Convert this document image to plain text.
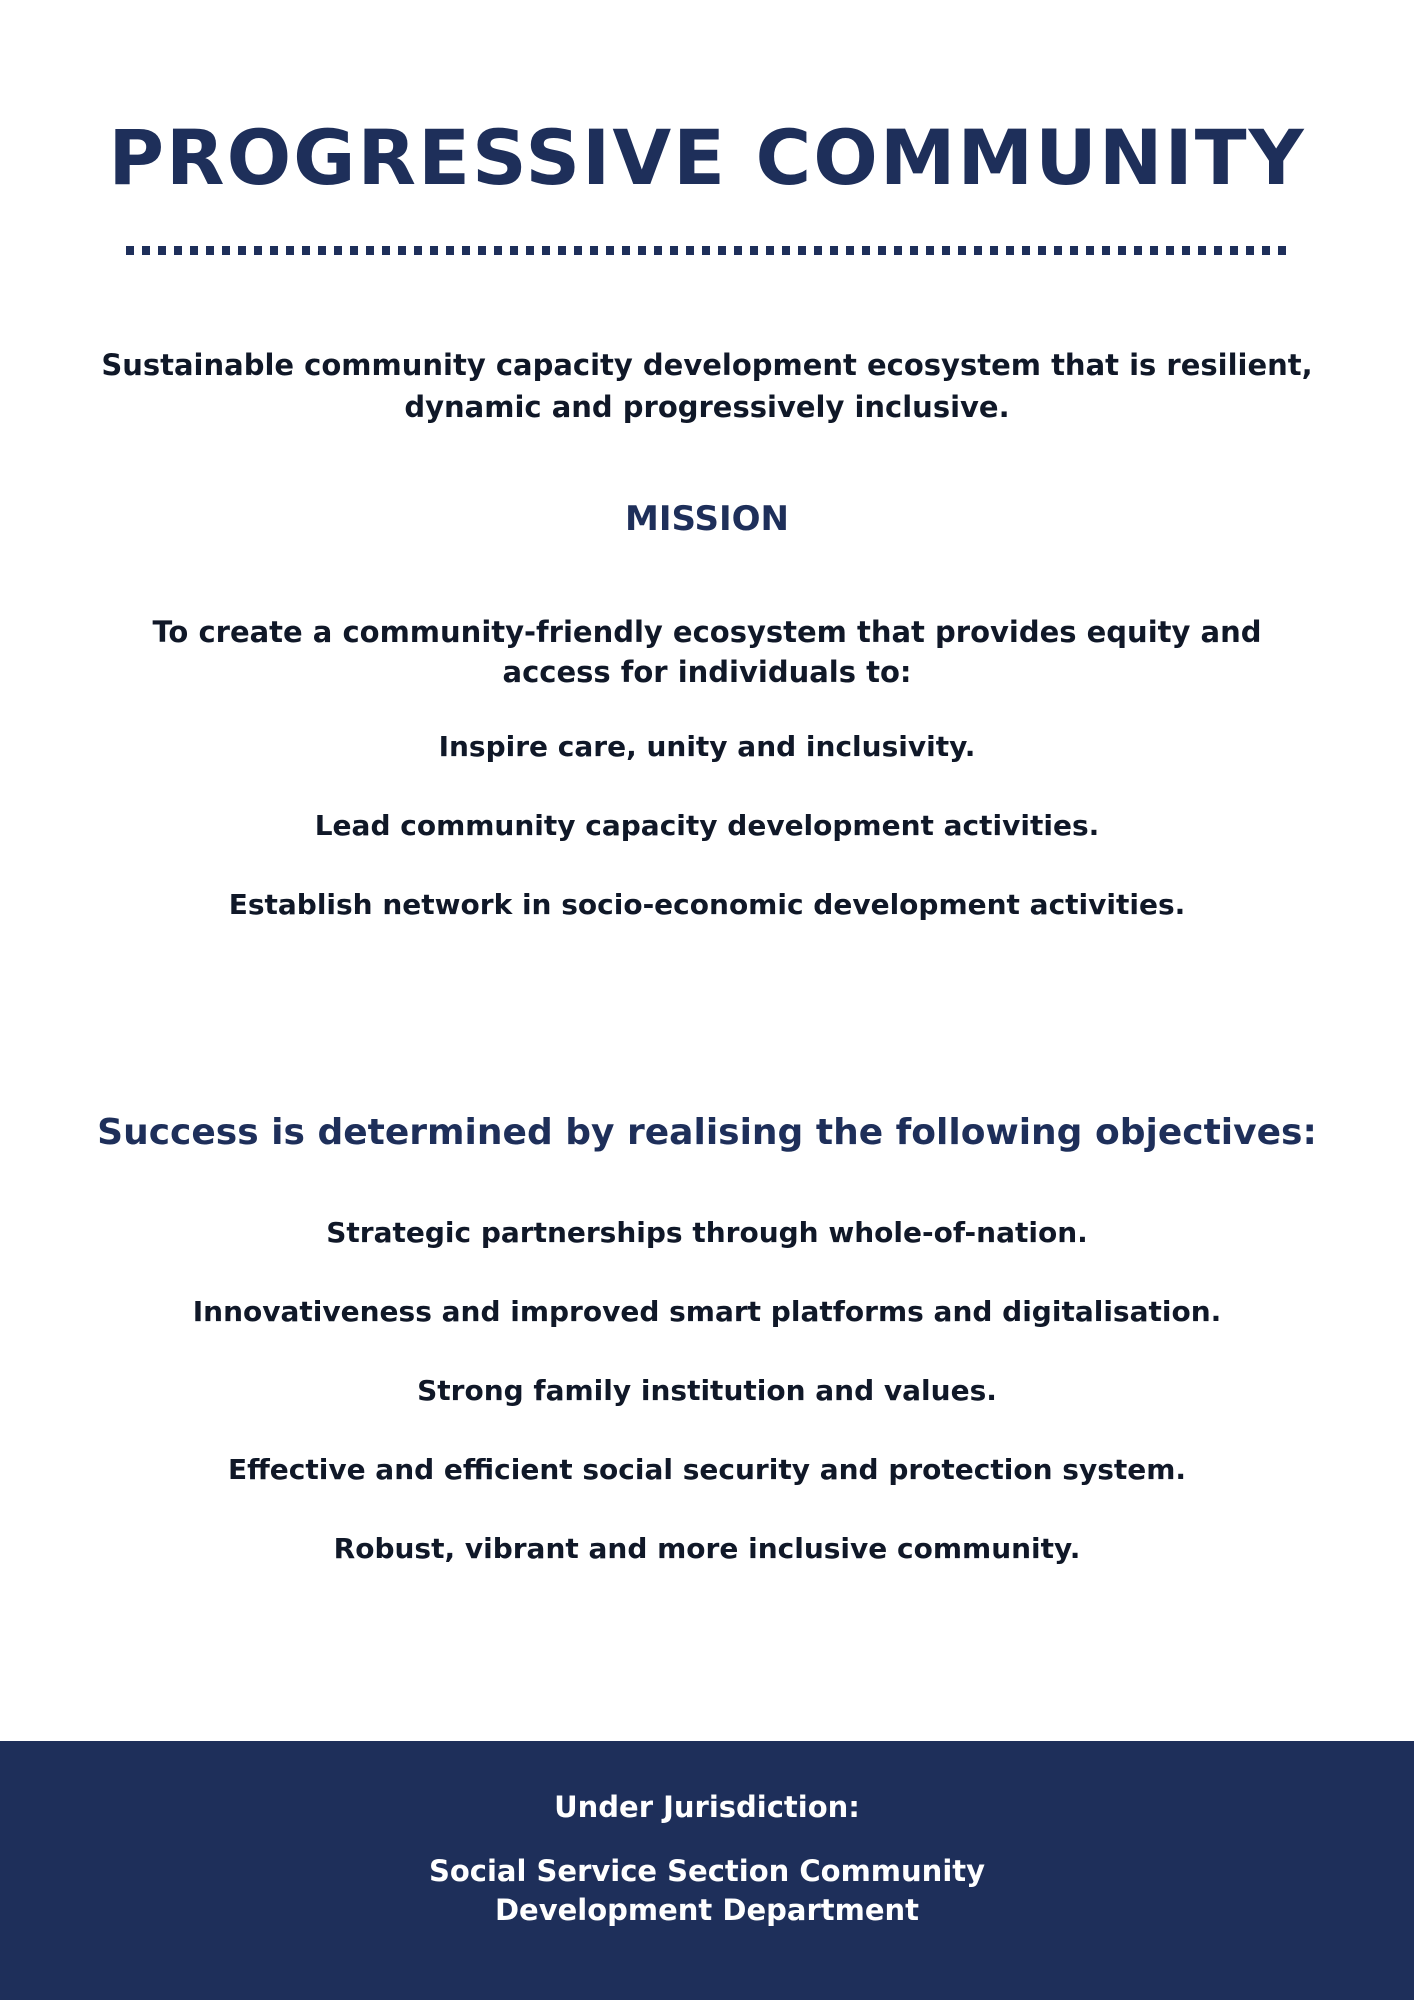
PROGRESSIVE COMMUNITY

Sustainable community capacity development ecosystem that is resilient, dynamic and progressively inclusive.

MISSION

To create a community-friendly ecosystem that provides equity and access for individuals to:

Inspire care, unity and inclusivity.
Lead community capacity development activities.
Establish network in socio-economic development activities.
Success is determined by realising the following objectives:
Strategic partnerships through whole-of-nation.
Innovativeness and improved smart platforms and digitalisation.
Strong family institution and values.
Effective and efficient social security and protection system.
Robust, vibrant and more inclusive community.

Under Jurisdiction:

Social Service Section Community Development Department
